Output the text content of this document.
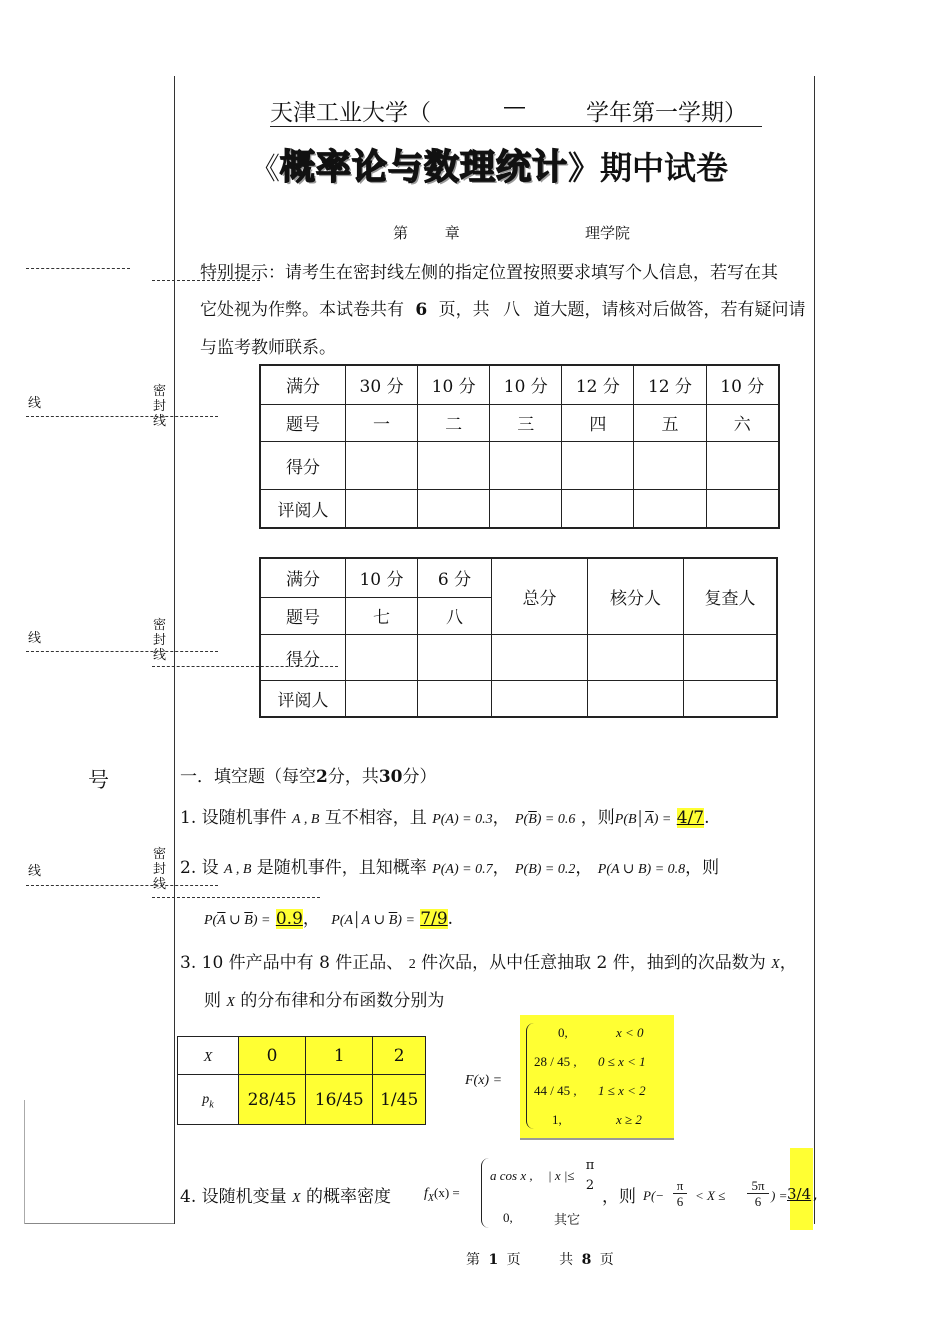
线
密
封
线
线
密
封
线
号
线
密
封
线
天津工业大学（	—	学年第一学期）
《概率论与数理统计》期中试卷
第 章	理学院
特别提示：请考生在密封线左侧的指定位置按照要求填写个人信息，若写在其
它处视为作弊。本试卷共有 6 页，共 八 道大题，请核对后做答，若有疑问请
与监考教师联系。
满分	30 分	10 分	10 分	12 分	12 分	10 分
题号	一	二	三	四	五	六
得分						
评阅人						
满分	10 分	6 分	总分	核分人	复查人
题号	七	八			
得分					
评阅人					
一．填空题（每空2分，共30分）
1. 设随机事件 A , B 互不相容，且 P(A) = 0.3， $P(\overline{B}) = 0.6$ ，则$P(B│\overline{A}) = 4/7$.
2. 设 A , B 是随机事件，且知概率 P(A) = 0.7， P(B) = 0.2， P(A ∪ B) = 0.8，则
$P(\overline{A}$ ∪ $\overline{B}) = 0.9$， P(A│A ∪ $\overline{B}) = 7/9$.
3. 10 件产品中有 8 件正品、 2 件次品，从中任意抽取 2 件，抽到的次品数为 X，
则 X 的分布律和分布函数分别为
X	0	1	2
$p_k$	28/45	16/45	1/45
F(x) =
0,	x < 0
28 / 45 , 0 ≤ x < 1
44 / 45 , 1 ≤ x < 2
1,	x ≥ 2
4. 设随机变量 X 的概率密度 $f_X(x)$ =
a cos x , | x |≤ $\frac{\pi}{2}$
0,	其它
，则 $P(- \frac{\pi}{6} < X \le \frac{5\pi}{6}$ ) = 3/4 ,
第 1 页	共 8 页
